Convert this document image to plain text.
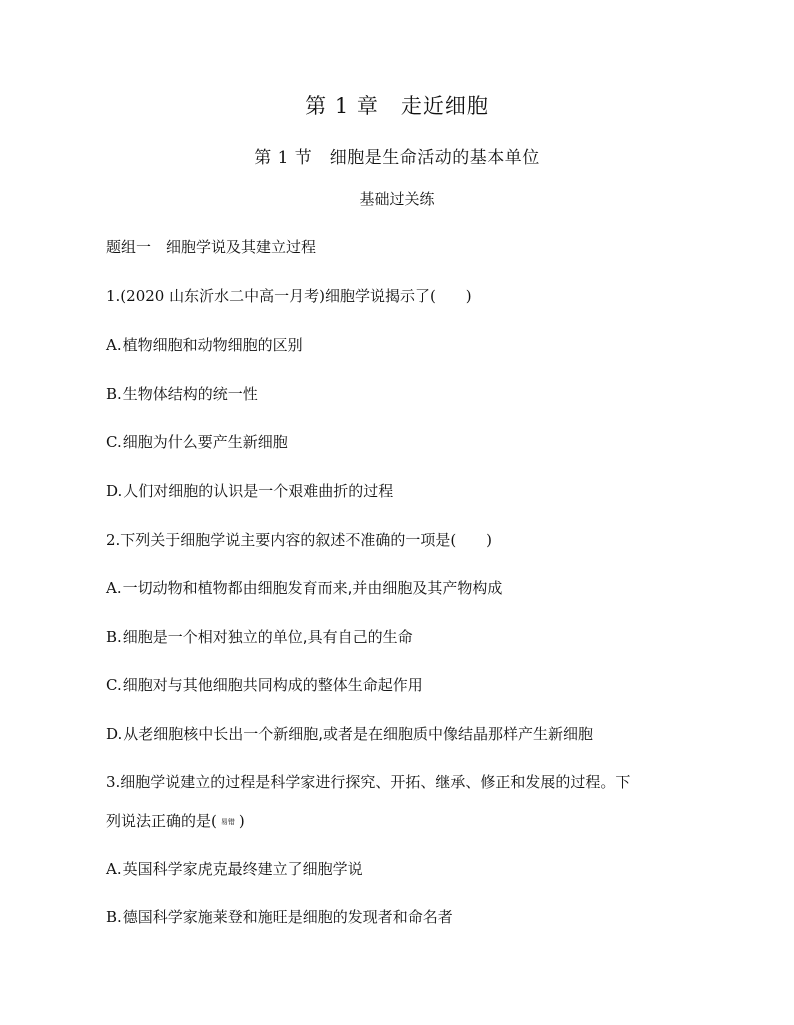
第 1 章　走近细胞
第 1 节　细胞是生命活动的基本单位
基础过关练
题组一　细胞学说及其建立过程
1.(2020 山东沂水二中高一月考)细胞学说揭示了(　　)
A.植物细胞和动物细胞的区别
B.生物体结构的统一性
C.细胞为什么要产生新细胞
D.人们对细胞的认识是一个艰难曲折的过程
2.下列关于细胞学说主要内容的叙述不准确的一项是(　　)
A.一切动物和植物都由细胞发育而来,并由细胞及其产物构成
B.细胞是一个相对独立的单位,具有自己的生命
C.细胞对与其他细胞共同构成的整体生命起作用
D.从老细胞核中长出一个新细胞,或者是在细胞质中像结晶那样产生新细胞
3.细胞学说建立的过程是科学家进行探究、开拓、继承、修正和发展的过程。下
列说法正确的是( 易错 )
A.英国科学家虎克最终建立了细胞学说
B.德国科学家施莱登和施旺是细胞的发现者和命名者
